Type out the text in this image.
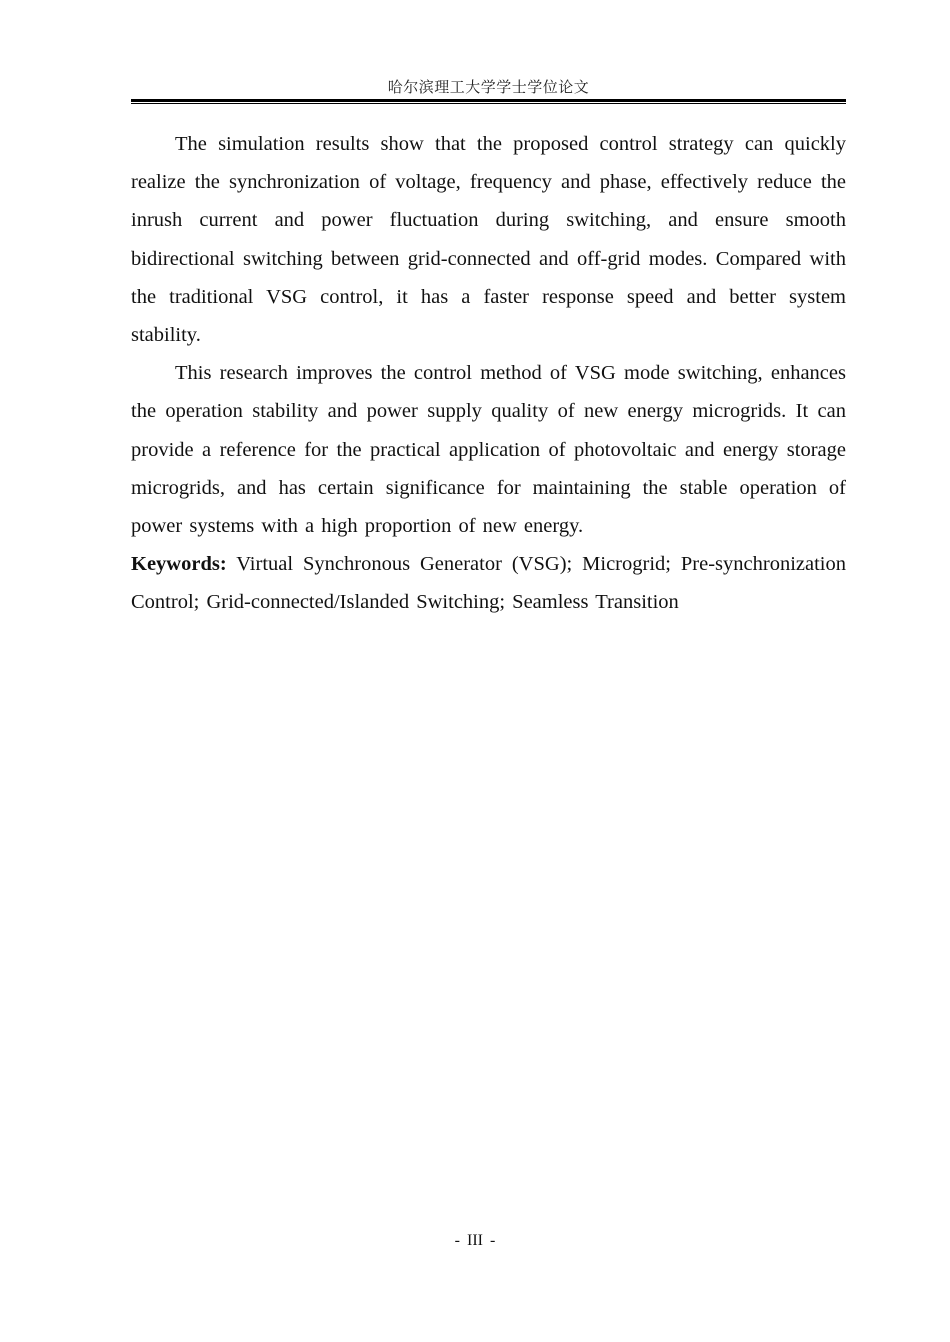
哈尔滨理工大学学士学位论文

The simulation results show that the proposed control strategy can quickly realize the synchronization of voltage, frequency and phase, effectively reduce the inrush current and power fluctuation during switching, and ensure smooth bidirectional switching between grid-connected and off-grid modes. Compared with the traditional VSG control, it has a faster response speed and better system stability.

This research improves the control method of VSG mode switching, enhances the operation stability and power supply quality of new energy microgrids. It can provide a reference for the practical application of photovoltaic and energy storage microgrids, and has certain significance for maintaining the stable operation of power systems with a high proportion of new energy.

Keywords: Virtual Synchronous Generator (VSG); Microgrid; Pre-synchronization Control; Grid-connected/Islanded Switching; Seamless Transition

- III -
